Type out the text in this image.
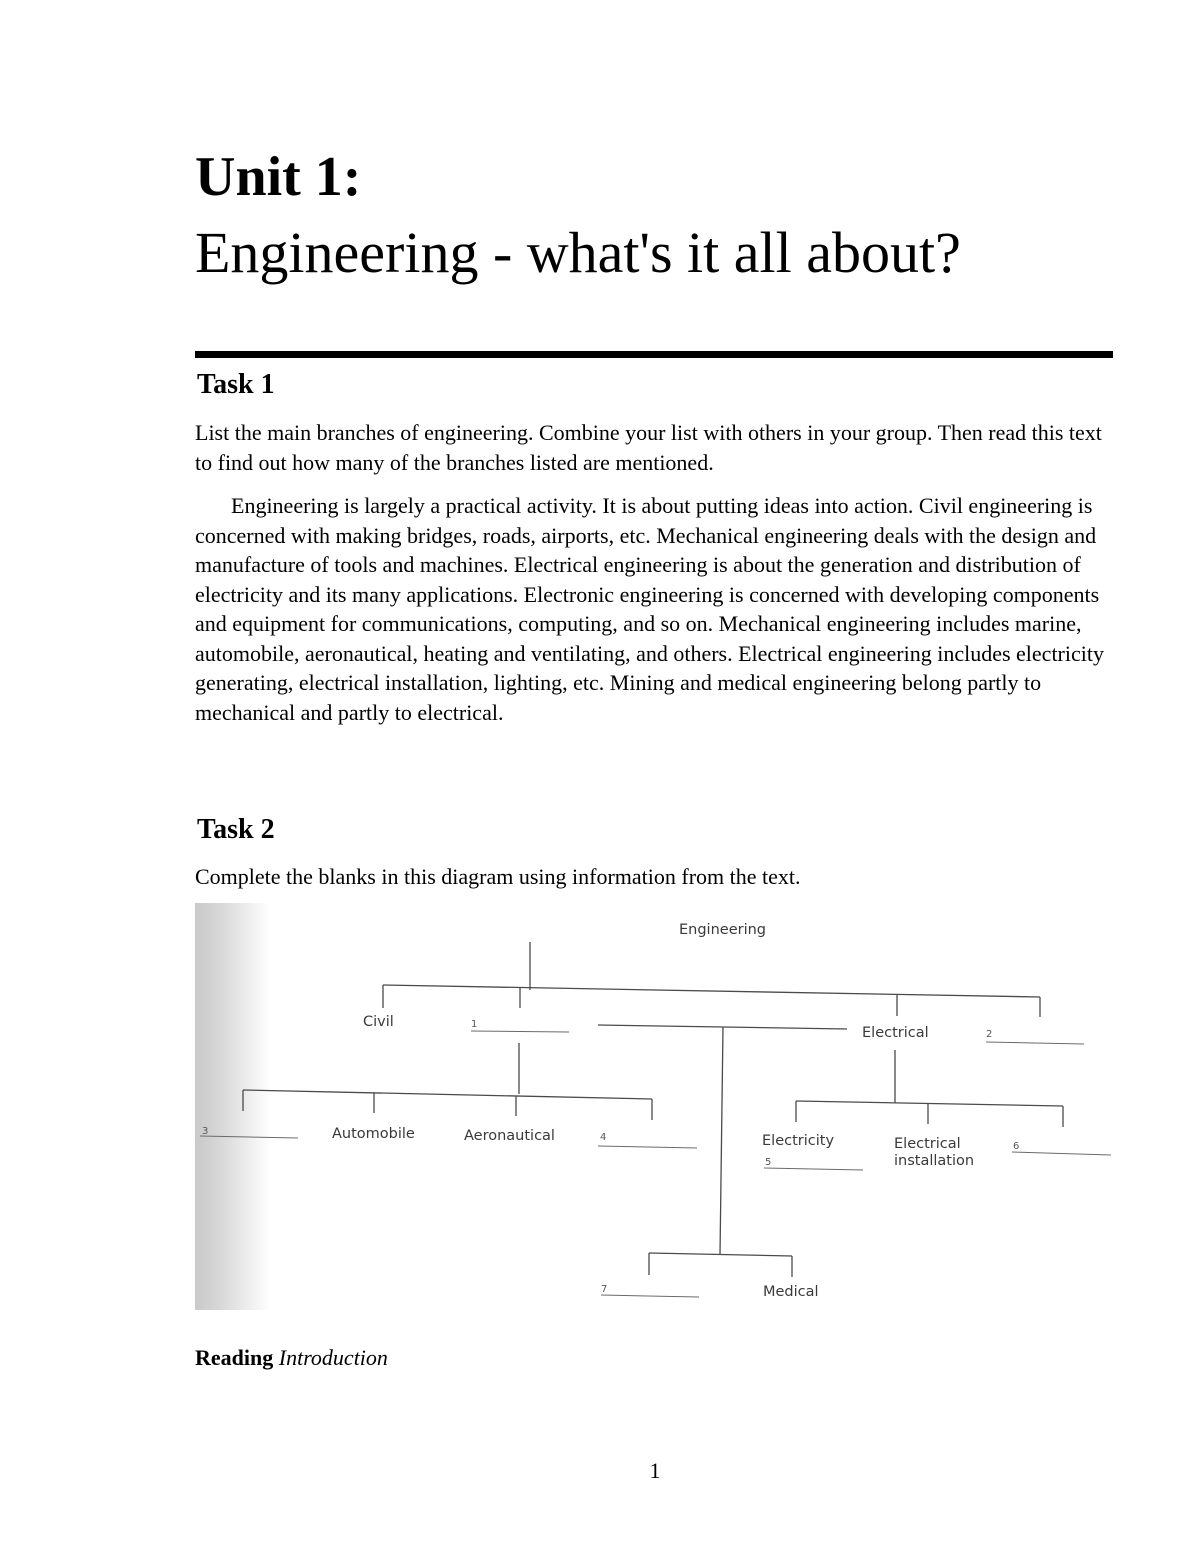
Unit 1:
Engineering - what's it all about?
Task 1

List the main branches of engineering. Combine your list with others in your group. Then read this text to find out how many of the branches listed are mentioned.

Engineering is largely a practical activity. It is about putting ideas into action. Civil engineering is concerned with making bridges, roads, airports, etc. Mechanical engineering deals with the design and manufacture of tools and machines. Electrical engineering is about the generation and distribution of electricity and its many applications. Electronic engineering is concerned with developing components and equipment for communications, computing, and so on. Mechanical engineering includes marine, automobile, aeronautical, heating and ventilating, and others. Electrical engineering includes electricity generating, electrical installation, lighting, etc. Mining and medical engineering belong partly to mechanical and partly to electrical.

Task 2

Complete the blanks in this diagram using information from the text.

Engineering
Civil
Electrical
Automobile	Aeronautical	Electricity	Electrical
installation
Medical
1
2
3
4
5
6
7

Reading Introduction

1
